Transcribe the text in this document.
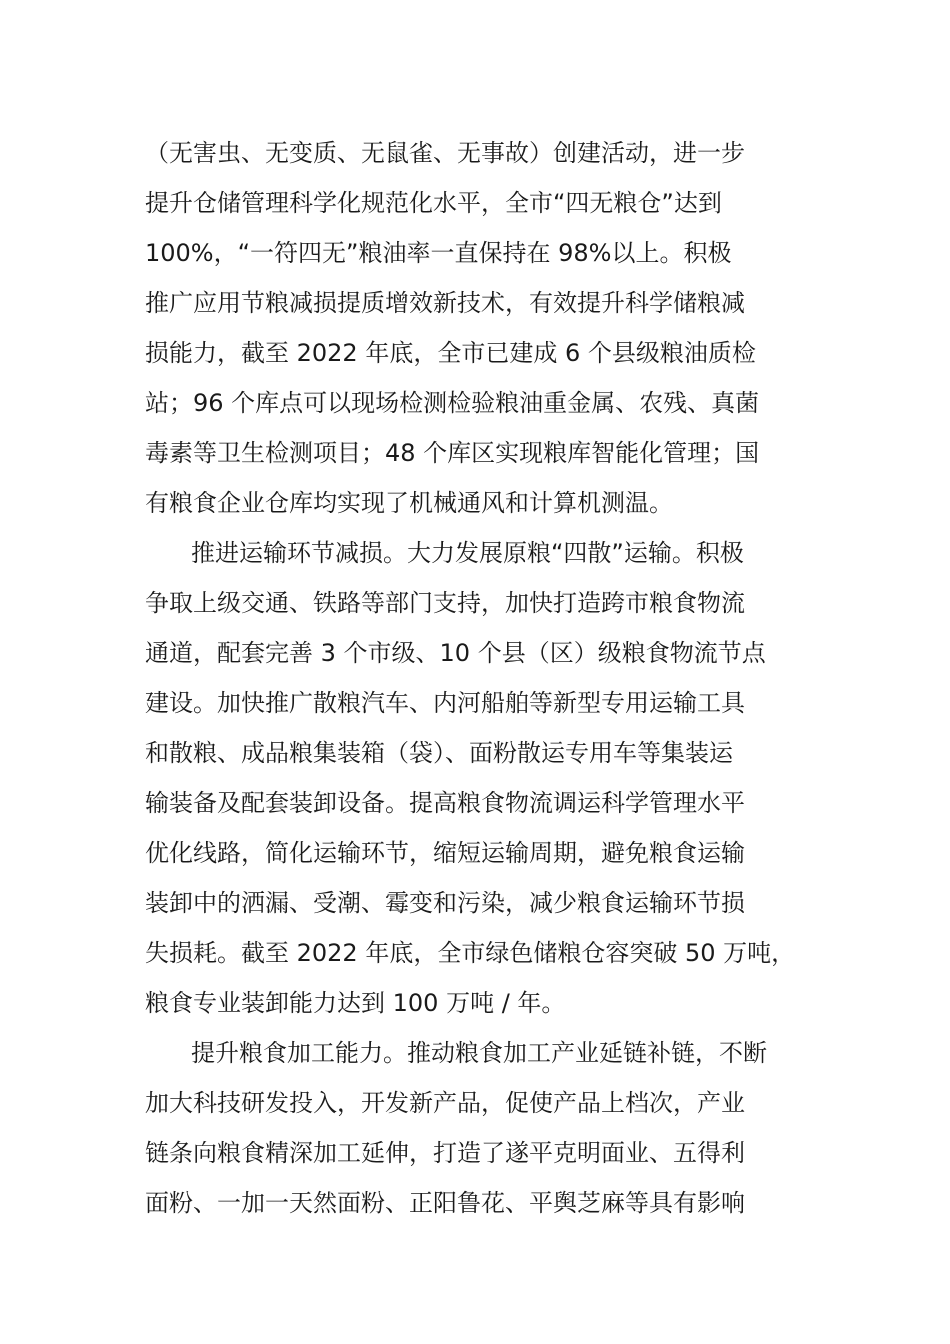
（无害虫、无变质、无鼠雀、无事故）创建活动，进一步
提升仓储管理科学化规范化水平，全市“四无粮仓”达到
100%，“一符四无”粮油率一直保持在 98%以上。积极
推广应用节粮减损提质增效新技术，有效提升科学储粮减
损能力，截至 2022 年底，全市已建成 6 个县级粮油质检
站；96 个库点可以现场检测检验粮油重金属、农残、真菌
毒素等卫生检测项目；48 个库区实现粮库智能化管理；国
有粮食企业仓库均实现了机械通风和计算机测温。
推进运输环节减损。大力发展原粮“四散”运输。积极
争取上级交通、铁路等部门支持，加快打造跨市粮食物流
通道，配套完善 3 个市级、10 个县（区）级粮食物流节点
建设。加快推广散粮汽车、内河船舶等新型专用运输工具
和散粮、成品粮集装箱（袋）、面粉散运专用车等集装运
输装备及配套装卸设备。提高粮食物流调运科学管理水平
优化线路，简化运输环节，缩短运输周期，避免粮食运输
装卸中的洒漏、受潮、霉变和污染，减少粮食运输环节损
失损耗。截至 2022 年底，全市绿色储粮仓容突破 50 万吨，
粮食专业装卸能力达到 100 万吨 / 年。
提升粮食加工能力。推动粮食加工产业延链补链，不断
加大科技研发投入，开发新产品，促使产品上档次，产业
链条向粮食精深加工延伸，打造了遂平克明面业、五得利
面粉、一加一天然面粉、正阳鲁花、平舆芝麻等具有影响
